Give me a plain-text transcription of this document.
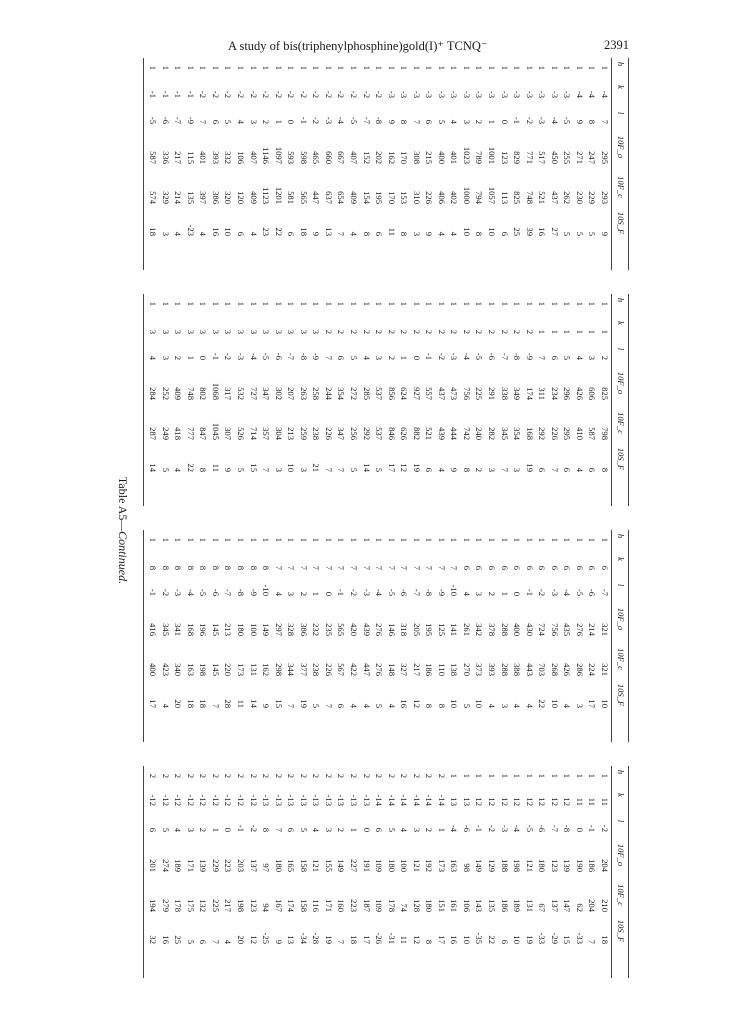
A study of bis(triphenylphosphine)gold(I)⁺ TCNQ⁻	2391
h
k
l
10F_o
10F_c
10S_F
1
-4
7
295
293
9
1
-4
8
247
229
5
1
-4
9
271
230
5
1
-3
-5
255
262
5
1
-3
-4
450
437
27
1
-3
-3
517
521
16
1
-3
-2
771
748
39
1
-3
-1
829
825
25
1
-3
0
123
113
6
1
-3
1
1001
1057
10
1
-3
2
789
794
8
1
-3
3
1023
1000
10
1
-3
4
401
402
4
1
-3
5
400
406
4
1
-3
6
215
226
9
1
-3
7
308
310
3
1
-3
8
170
153
8
1
-3
9
162
170
11
1
-2
-8
202
195
6
1
-2
-7
152
154
8
1
-2
-5
407
409
4
1
-2
-4
667
654
7
1
-2
-3
660
637
13
1
-2
-2
465
447
9
1
-2
-1
598
565
18
1
-2
0
593
581
6
1
-2
1
1097
1201
22
1
-2
2
1146
1123
23
1
-2
3
407
409
4
1
-2
4
106
120
6
1
-2
5
332
320
10
1
-2
6
393
386
16
1
-2
7
401
397
4
1
-1
-9
115
135
-23
1
-1
-7
217
214
4
1
-1
-6
336
329
3
1
-1
-5
587
574
18
h
k
l
10F_o
10F_c
10S_F
1
1
2
825
798
8
1
1
3
606
587
6
1
1
4
426
410
4
1
1
5
296
295
6
1
1
6
234
226
7
1
1
7
311
292
6
1
2
-9
174
168
19
1
2
-8
349
354
3
1
2
-7
338
345
7
1
2
-6
291
282
3
1
2
-5
225
240
2
1
2
-4
756
742
8
1
2
-3
473
444
9
1
2
-2
437
439
4
1
2
-1
557
521
6
1
2
0
927
882
19
1
2
1
624
626
12
1
2
2
856
846
17
1
2
3
537
537
5
1
2
4
285
292
14
1
2
5
272
256
5
1
2
6
354
347
7
1
2
7
244
226
7
1
3
-9
258
238
21
1
3
-8
263
259
3
1
3
-7
207
213
10
1
3
-6
302
304
3
1
3
-5
347
357
7
1
3
-4
727
714
15
1
3
-3
532
526
5
1
3
-2
317
307
9
1
3
-1
1068
1045
11
1
3
0
802
847
8
1
3
1
748
777
22
1
3
2
409
418
4
1
3
3
252
249
5
1
3
4
284
287
14
h
k
l
10F_o
10F_c
10S_F
1
6
-7
321
321
10
1
6
-6
214
224
17
1
6
-5
276
286
3
1
6
-4
435
426
4
1
6
-3
756
268
10
1
6
-2
724
703
22
1
6
-1
430
443
4
1
6
0
400
388
4
1
6
1
288
288
3
1
6
2
378
393
4
1
6
3
342
373
10
1
6
4
261
270
5
1
7
-10
141
138
10
1
7
-9
125
110
8
1
7
-8
195
186
8
1
7
-7
205
217
12
1
7
-6
318
327
16
1
7
-5
146
148
4
1
7
-4
276
276
5
1
7
-3
439
447
4
1
7
-2
420
422
4
1
7
-1
565
567
6
1
7
0
235
226
7
1
7
1
232
238
5
1
7
2
386
377
19
1
7
3
328
344
7
1
7
4
297
298
15
1
8
-10
149
162
9
1
8
-9
100
131
14
1
8
-8
180
173
11
1
8
-7
213
220
28
1
8
-6
145
145
7
1
8
-5
196
198
18
1
8
-4
168
163
18
1
8
-3
341
340
20
1
8
-2
345
423
4
1
8
-1
416
400
17
h
k
l
10F_o
10F_c
10S_F
1
11
-2
204
210
18
1
11
-1
186
204
7
1
11
0
190
62
-33
1
12
-8
139
147
15
1
12
-7
123
137
-29
1
12
-6
180
67
-33
1
12
-5
121
131
19
1
12
-4
198
189
10
1
12
-3
188
186
6
1
12
-2
129
135
22
1
12
-1
149
143
-35
1
13
-6
98
106
10
1
13
-4
163
161
16
2
-14
1
173
151
17
2
-14
2
192
180
8
2
-14
3
121
128
12
2
-14
4
100
74
11
2
-14
5
180
178
-31
2
-14
6
109
109
-26
2
-13
0
191
187
17
2
-13
1
227
223
18
2
-13
2
149
160
7
2
-13
3
155
171
19
2
-13
4
121
116
-28
2
-13
5
158
158
-34
2
-13
6
165
174
13
2
-13
7
180
167
9
2
-13
8
97
94
-25
2
-12
-2
137
123
12
2
-12
-1
203
198
20
2
-12
0
223
217
4
2
-12
1
229
225
7
2
-12
2
139
132
6
2
-12
3
171
175
5
2
-12
4
189
178
25
2
-12
5
274
279
16
2
-12
6
201
194
32
Table A5—Continued.
